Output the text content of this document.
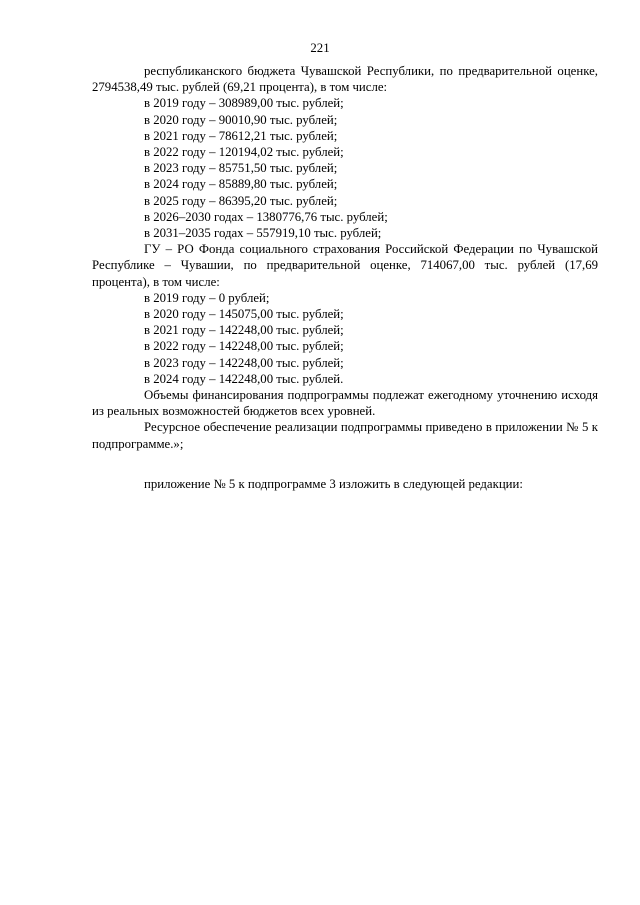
221

республиканского бюджета Чувашской Республики, по предварительной оценке, 2794538,49 тыс. рублей (69,21 процента), в том числе:

в 2019 году – 308989,00 тыс. рублей;

в 2020 году – 90010,90 тыс. рублей;

в 2021 году – 78612,21 тыс. рублей;

в 2022 году – 120194,02 тыс. рублей;

в 2023 году – 85751,50 тыс. рублей;

в 2024 году – 85889,80 тыс. рублей;

в 2025 году – 86395,20 тыс. рублей;

в 2026–2030 годах – 1380776,76 тыс. рублей;

в 2031–2035 годах – 557919,10 тыс. рублей;

ГУ – РО Фонда социального страхования Российской Федерации по Чувашской Республике – Чувашии, по предварительной оценке, 714067,00 тыс. рублей (17,69 процента), в том числе:

в 2019 году – 0 рублей;

в 2020 году – 145075,00 тыс. рублей;

в 2021 году – 142248,00 тыс. рублей;

в 2022 году – 142248,00 тыс. рублей;

в 2023 году – 142248,00 тыс. рублей;

в 2024 году – 142248,00 тыс. рублей.

Объемы финансирования подпрограммы подлежат ежегодному уточнению исходя из реальных возможностей бюджетов всех уровней.

Ресурсное обеспечение реализации подпрограммы приведено в приложении № 5 к подпрограмме.»;

приложение № 5 к подпрограмме 3 изложить в следующей редакции:
